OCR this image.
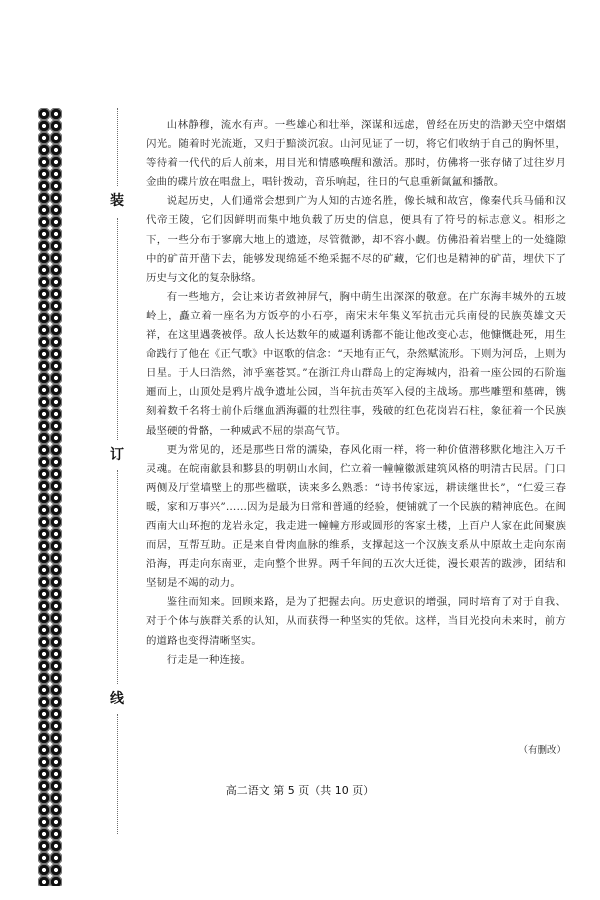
装
订
线

山林静穆，流水有声。一些雄心和壮举，深谋和远虑，曾经在历史的浩渺天空中熠熠闪光。随着时光流逝，又归于黯淡沉寂。山河见证了一切，将它们收纳于自己的胸怀里，等待着一代代的后人前来，用目光和情感唤醒和激活。那时，仿佛将一张存储了过往岁月金曲的碟片放在唱盘上，唱针拨动，音乐响起，往日的气息重新氤氲和播散。

说起历史，人们通常会想到广为人知的古迹名胜，像长城和故宫，像秦代兵马俑和汉代帝王陵，它们因鲜明而集中地负载了历史的信息，便具有了符号的标志意义。相形之下，一些分布于寥廓大地上的遗迹，尽管微渺，却不容小觑。仿佛沿着岩壁上的一处缝隙中的矿苗开凿下去，能够发现绵延不绝采掘不尽的矿藏，它们也是精神的矿苗，埋伏下了历史与文化的复杂脉络。

有一些地方，会让来访者敛神屏气，胸中萌生出深深的敬意。在广东海丰城外的五坡岭上，矗立着一座名为方饭亭的小石亭，南宋末年集义军抗击元兵南侵的民族英雄文天祥，在这里遇袭被俘。敌人长达数年的威逼利诱都不能让他改变心志，他慷慨赴死，用生命践行了他在《正气歌》中讴歌的信念：“天地有正气，杂然赋流形。下则为河岳，上则为日星。于人曰浩然，沛乎塞苍冥。”在浙江舟山群岛上的定海城内，沿着一座公园的石阶迤逦而上，山顶处是鸦片战争遗址公园，当年抗击英军入侵的主战场。那些雕塑和墓碑，镌刻着数千名将士前仆后继血洒海疆的壮烈往事，残破的红色花岗岩石柱，象征着一个民族最坚硬的骨骼，一种威武不屈的崇高气节。

更为常见的，还是那些日常的濡染，春风化雨一样，将一种价值潜移默化地注入万千灵魂。在皖南歙县和黟县的明朝山水间，伫立着一幢幢徽派建筑风格的明清古民居。门口两侧及厅堂墙壁上的那些楹联，读来多么熟悉：“诗书传家远，耕读继世长”，“仁爱三春暖，家和万事兴”……因为是最为日常和普通的经验，便铺就了一个民族的精神底色。在闽西南大山环抱的龙岩永定，我走进一幢幢方形或圆形的客家土楼，上百户人家在此间聚族而居，互帮互助。正是来自骨肉血脉的维系，支撑起这一个汉族支系从中原故土走向东南沿海，再走向东南亚，走向整个世界。两千年间的五次大迁徙，漫长艰苦的跋涉，团结和坚韧是不竭的动力。

鉴往而知来。回顾来路，是为了把握去向。历史意识的增强，同时培育了对于自我、对于个体与族群关系的认知，从而获得一种坚实的凭依。这样，当目光投向未来时，前方的道路也变得清晰坚实。

行走是一种连接。

（有删改）
高二语文 第 5 页（共 10 页）
